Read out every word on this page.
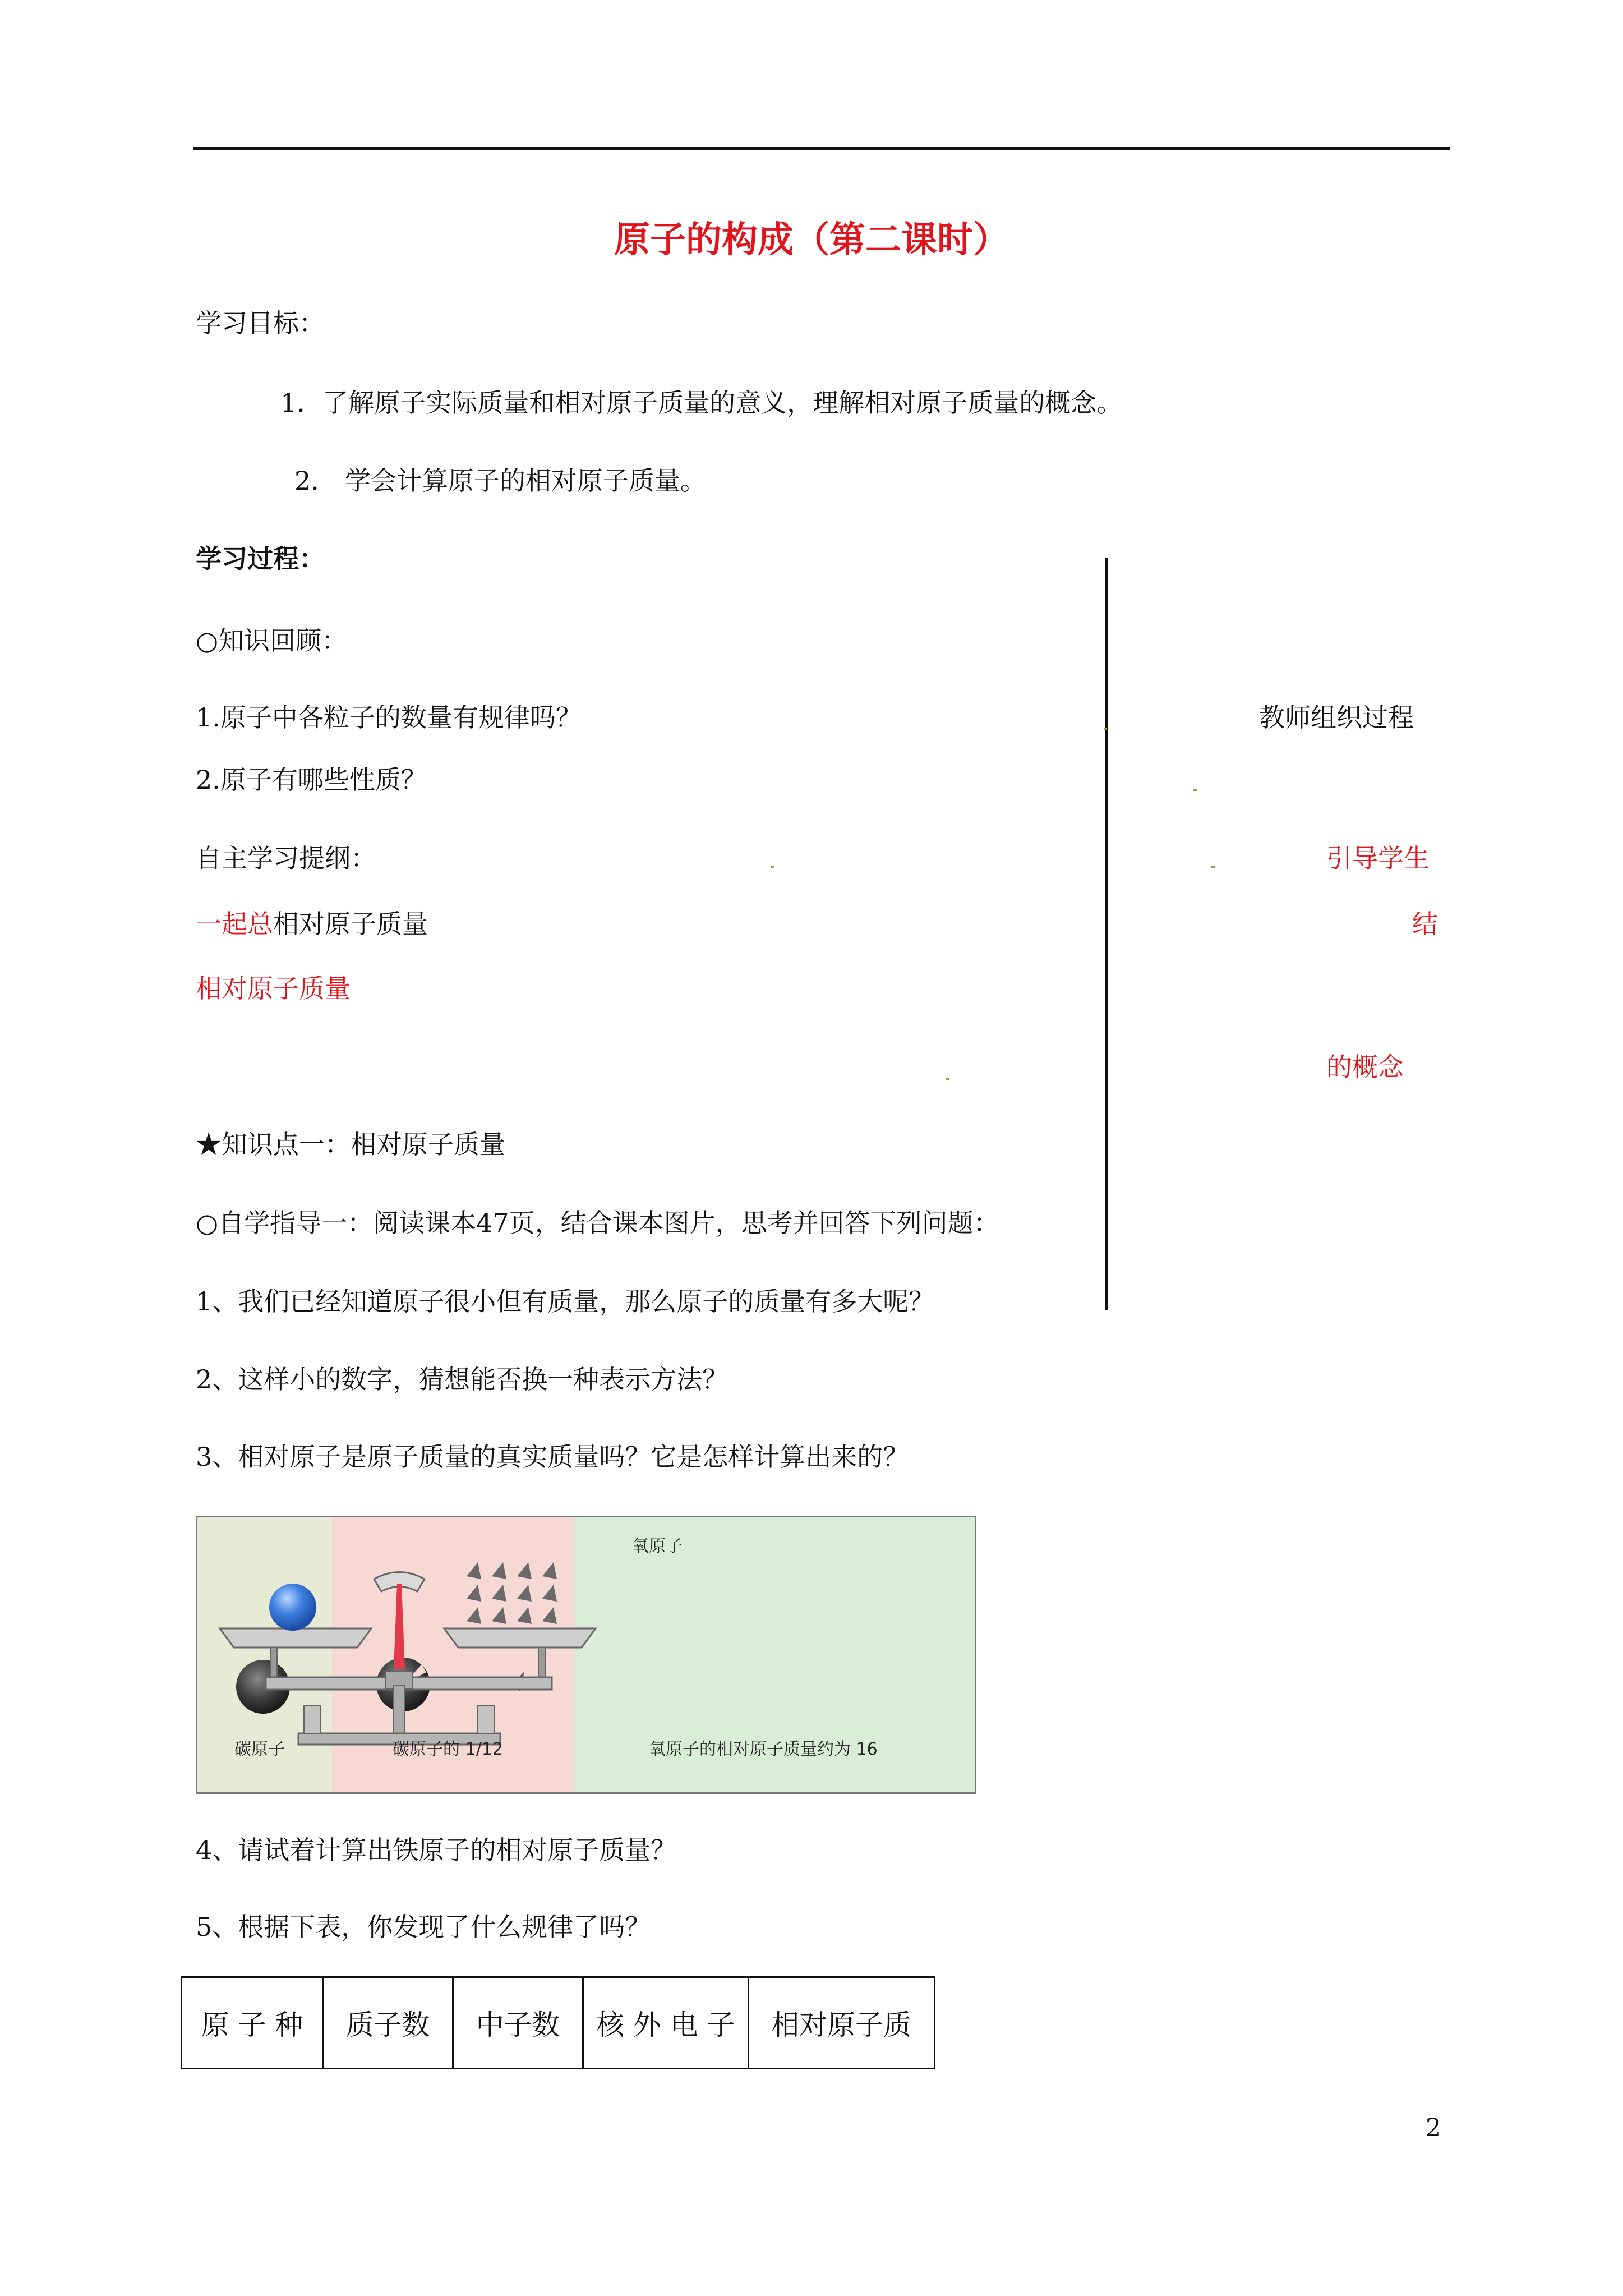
原子的构成（第二课时）
学习目标：
1．了解原子实际质量和相对原子质量的意义，理解相对原子质量的概念。
2． 学会计算原子的相对原子质量。
学习过程：
○知识回顾：
1.原子中各粒子的数量有规律吗？
2.原子有哪些性质？
自主学习提纲：
一起总相对原子质量
相对原子质量
教师组织过程
引导学生
结
的概念
★知识点一：相对原子质量
○自学指导一：阅读课本47页，结合课本图片，思考并回答下列问题：
1、我们已经知道原子很小但有质量，那么原子的质量有多大呢？
2、这样小的数字，猜想能否换一种表示方法？
3、相对原子是原子质量的真实质量吗？它是怎样计算出来的？
碳原子	碳原子的 1/12
氧原子
氧原子的相对原子质量约为 16
4、请试着计算出铁原子的相对原子质量？
5、根据下表，你发现了什么规律了吗？
原 子 种	质子数	中子数	核 外 电 子	相对原子质
2
